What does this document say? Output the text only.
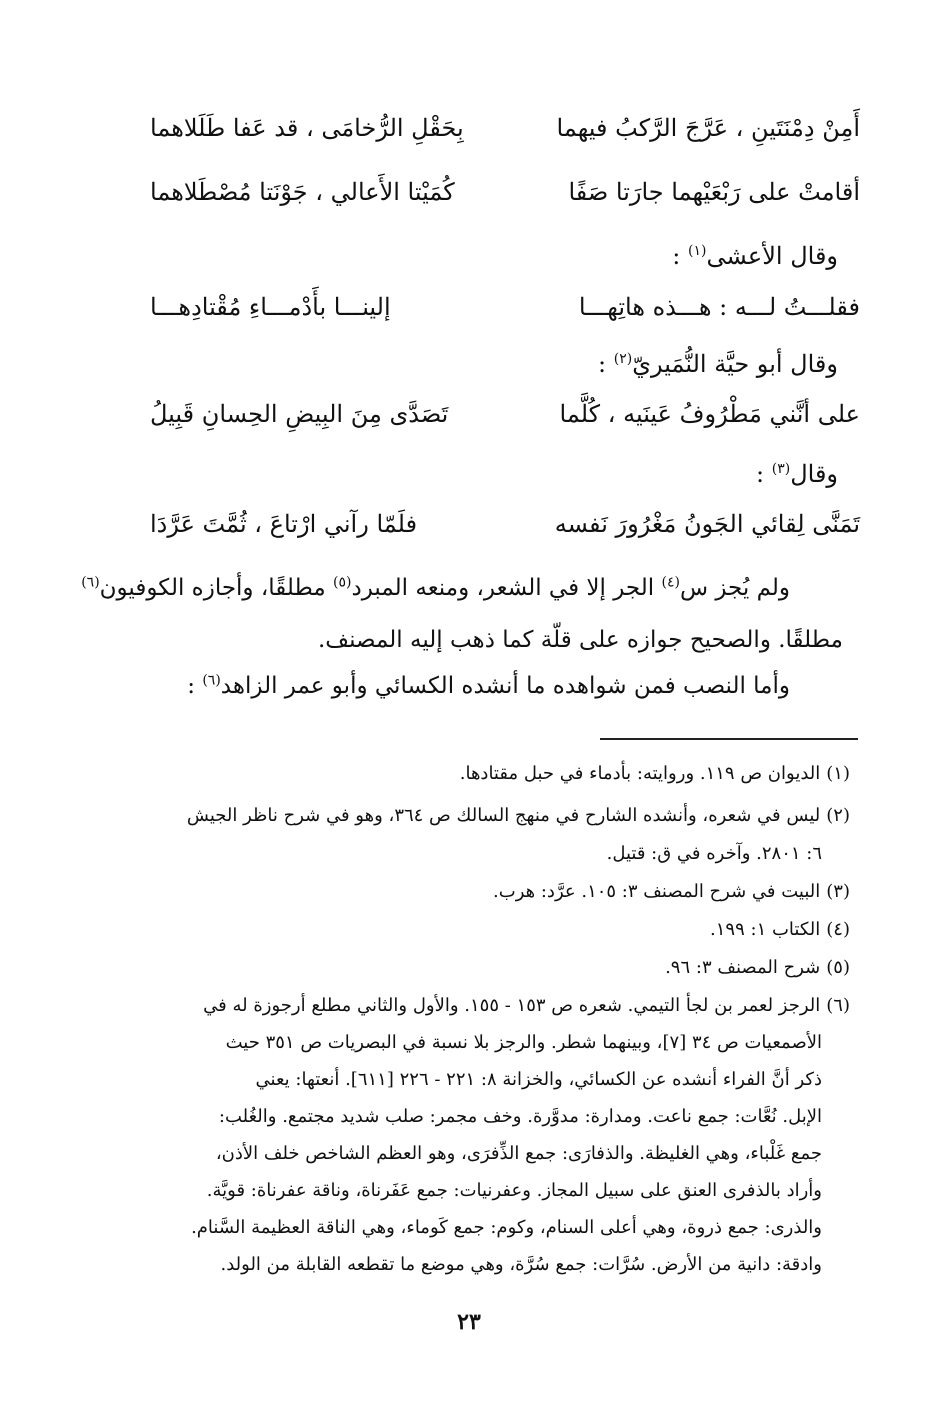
أَمِنْ دِمْنَتَينِ ، عَرَّجَ الرَّكبُ فيهما
بِحَقْلِ الرُّخامَى ، قد عَفا طَلَلاهما
أقامتْ على رَبْعَيْهما جارَتا صَفًا
كُمَيْتا الأَعالي ، جَوْنَتا مُصْطَلاهما
وقال الأعشى$^{(١)}$ :
فقلـــتُ لـــه : هـــذه هاتِهـــا
إلينـــا بأَدْمـــاءِ مُقْتادِهـــا
وقال أبو حيَّة النُّمَيريّ$^{(٢)}$ :
على أنَّني مَطْرُوفُ عَينَيه ، كُلَّما
تَصَدَّى مِنَ البِيضِ الحِسانِ قَبِيلُ
وقال$^{(٣)}$ :
تَمَنَّى لِقائي الجَونُ مَغْرُورَ نَفسه
فلَمّا رآني ارْتاعَ ، ثُمَّتَ عَرَّدَا
ولم يُجز س$^{(٤)}$ الجر إلا في الشعر، ومنعه المبرد$^{(٥)}$ مطلقًا، وأجازه الكوفيون$^{(٦)}$
مطلقًا. والصحيح جوازه على قلّة كما ذهب إليه المصنف.
وأما النصب فمن شواهده ما أنشده الكسائي وأبو عمر الزاهد$^{(٦)}$ :
(١) الديوان ص ١١٩. وروايته: بأدماء في حبل مقتادها.
(٢) ليس في شعره، وأنشده الشارح في منهج السالك ص ٣٦٤، وهو في شرح ناظر الجيش
٦: ٢٨٠١. وآخره في ق: قتيل.
(٣) البيت في شرح المصنف ٣: ١٠٥. عرَّد: هرب.
(٤) الكتاب ١: ١٩٩.
(٥) شرح المصنف ٣: ٩٦.
(٦) الرجز لعمر بن لجأ التيمي. شعره ص ١٥٣ - ١٥٥. والأول والثاني مطلع أرجوزة له في
الأصمعيات ص ٣٤ [٧]، وبينهما شطر. والرجز بلا نسبة في البصريات ص ٣٥١ حيث
ذكر أنَّ الفراء أنشده عن الكسائي، والخزانة ٨: ٢٢١ - ٢٢٦ [٦١١]. أنعتها: يعني
الإبل. نُعَّات: جمع ناعت. ومدارة: مدوَّرة. وخف مجمر: صلب شديد مجتمع. والغُلب:
جمع غَلْباء، وهي الغليظة. والذفارَى: جمع الذِّفرَى، وهو العظم الشاخص خلف الأذن،
وأراد بالذفرى العنق على سبيل المجاز. وعفرنيات: جمع عَفَرناة، وناقة عفرناة: قويَّة.
والذرى: جمع ذروة، وهي أعلى السنام، وكوم: جمع كَوماء، وهي الناقة العظيمة السَّنام.
وادقة: دانية من الأرض. سُرَّات: جمع سُرَّة، وهي موضع ما تقطعه القابلة من الولد.
٢٣
